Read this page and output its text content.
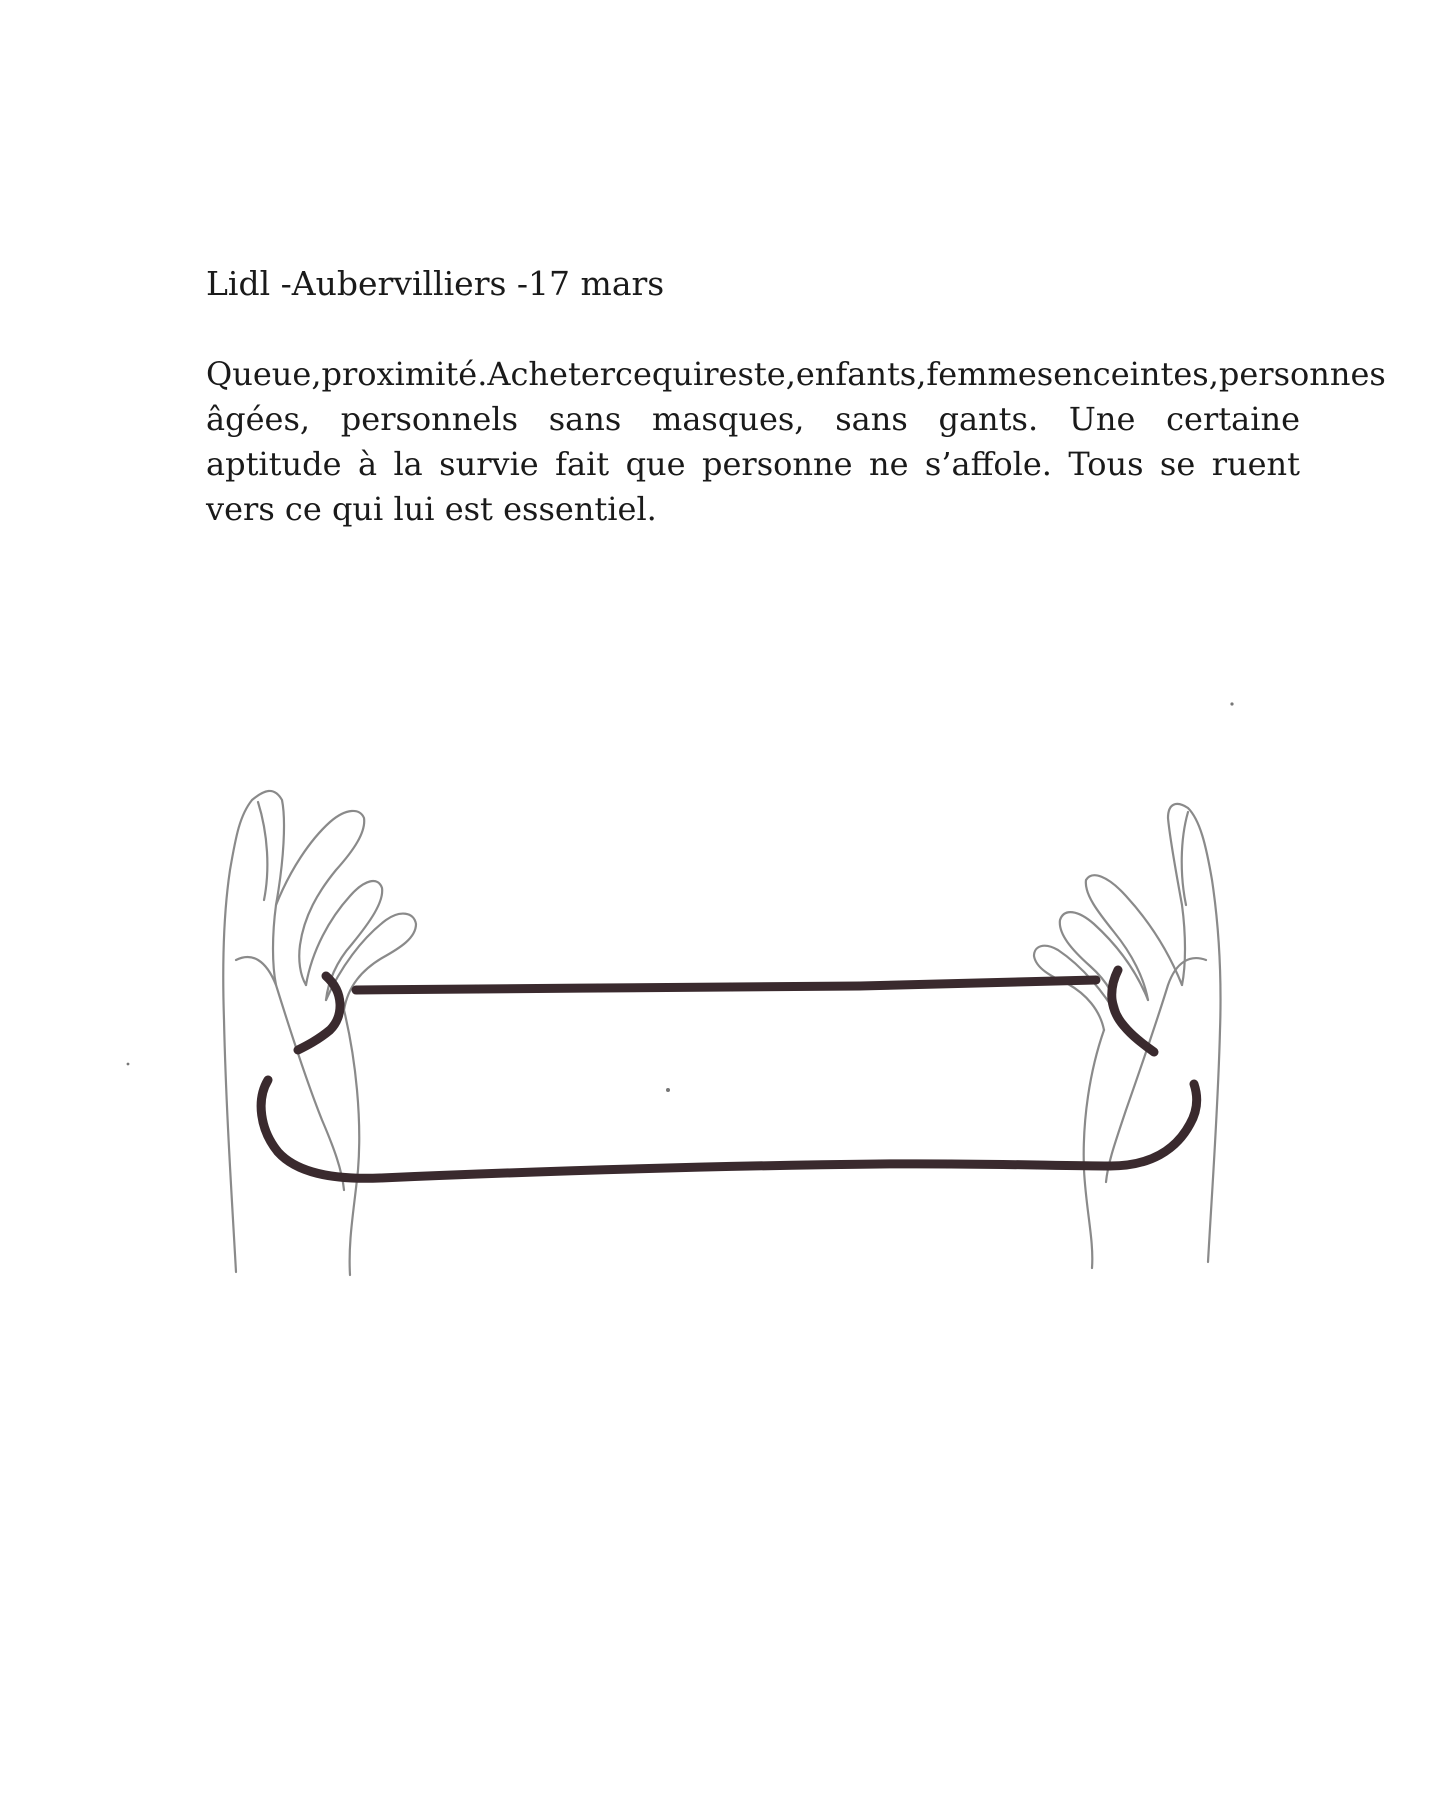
Lidl -Aubervilliers -17 mars

Queue,proximité.Achetercequireste,enfants,femmesenceintes,personnes âgées, personnels sans masques, sans gants. Une certaine aptitude à la survie fait que personne ne s’affole. Tous se ruent vers ce qui lui est essentiel.
